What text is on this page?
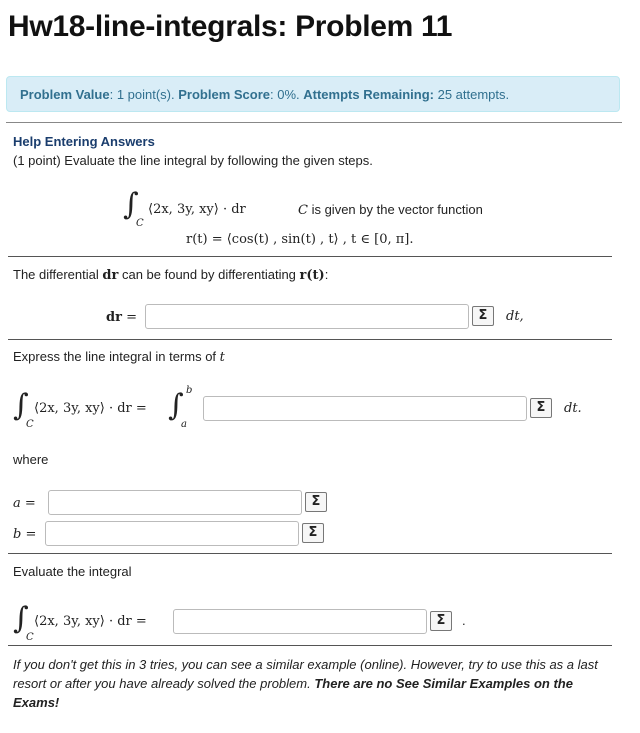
Hw18-line-integrals: Problem 11
Problem Value: 1 point(s). Problem Score: 0%. Attempts Remaining: 25 attempts.
Help Entering Answers
(1 point) Evaluate the line integral by following the given steps.
∫
C
⟨2x, 3y, xy⟩ · dr	C is given by the vector function
r(t) = ⟨cos(t) , sin(t) , t⟩ , t ∈ [0, π].
The differential dr can be found by differentiating r(t):
dr =	Σ	dt,
Express the line integral in terms of t
∫
C
⟨2x, 3y, xy⟩ · dr = ∫ b
a
Σ	dt.
where
a =	Σ
b =	Σ
Evaluate the integral
∫
C
⟨2x, 3y, xy⟩ · dr =	Σ	.
If you don't get this in 3 tries, you can see a similar example (online). However, try to use this as a last resort or after you have already solved the problem. There are no See Similar Examples on the Exams!
